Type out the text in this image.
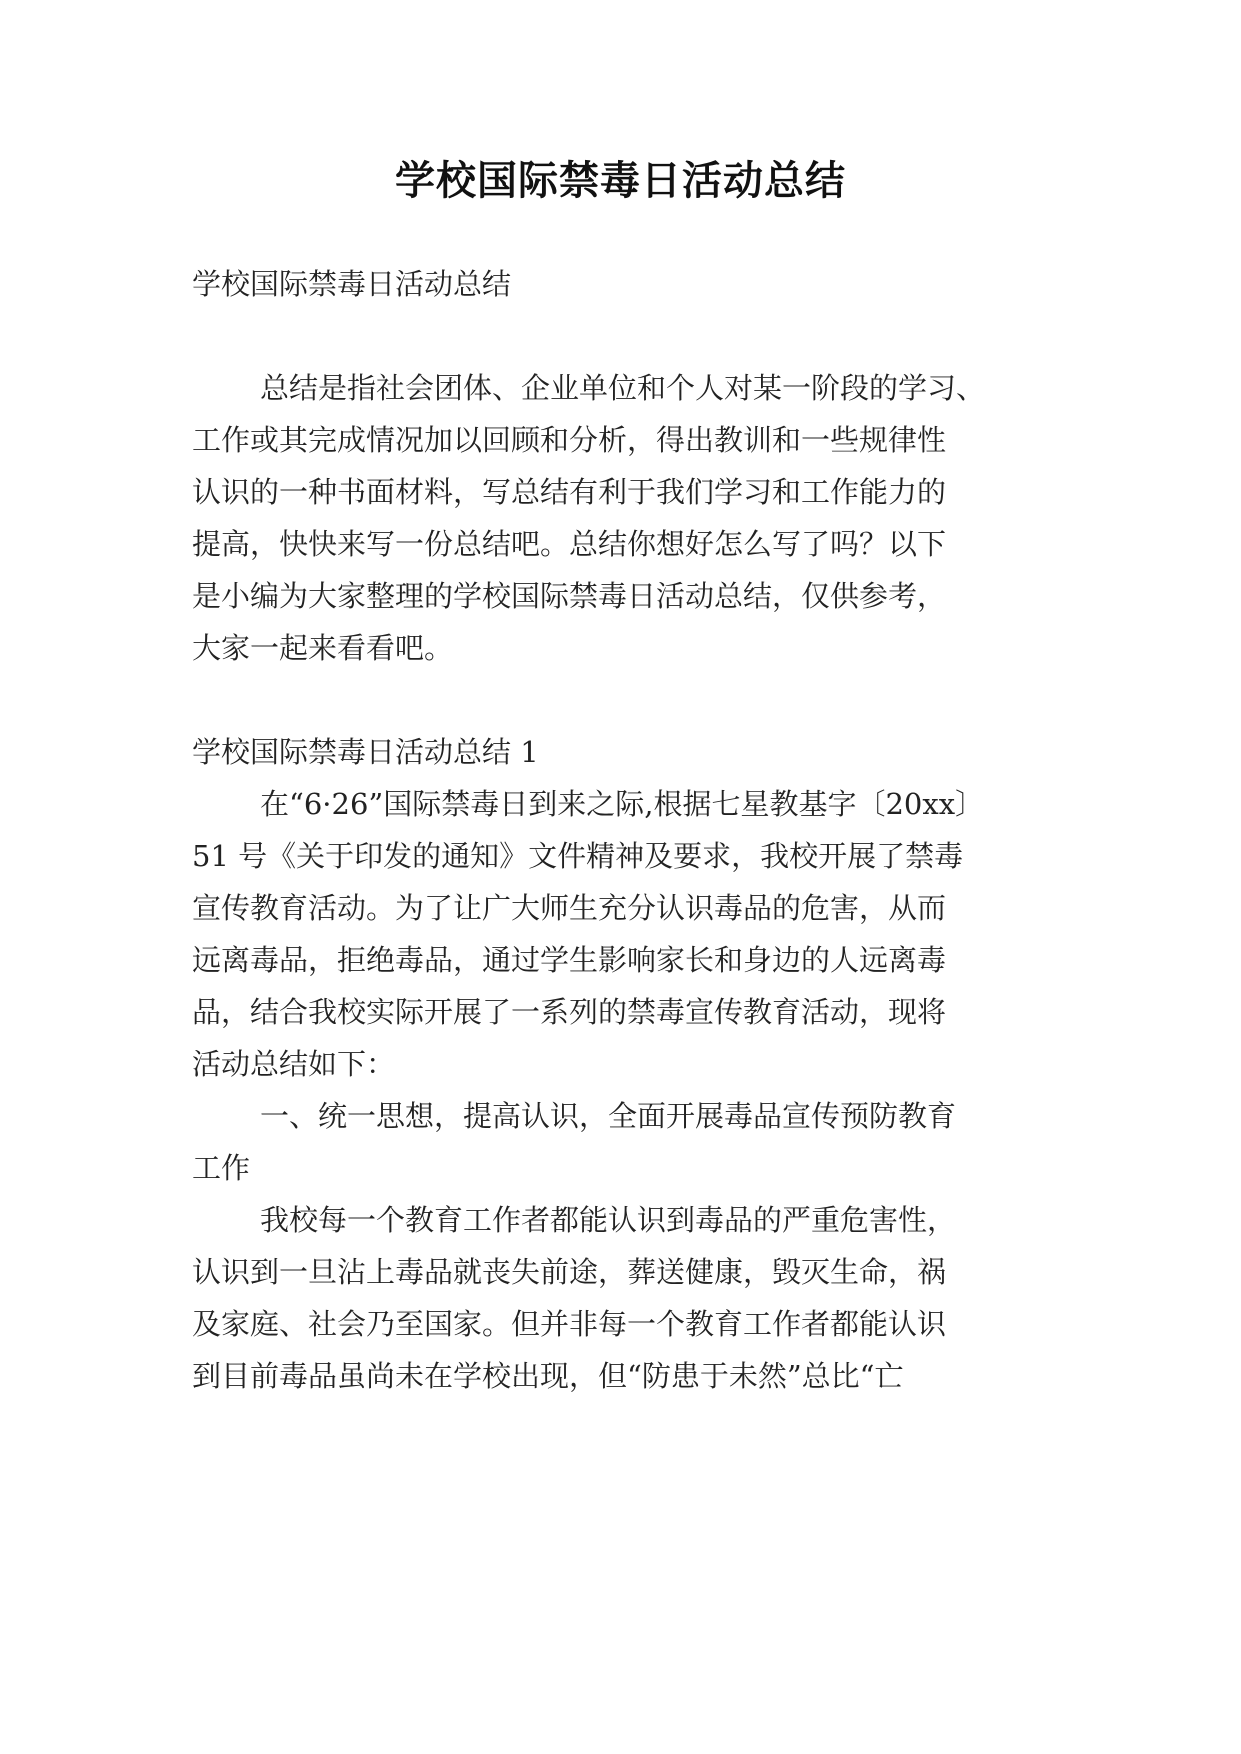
学校国际禁毒日活动总结
学校国际禁毒日活动总结
总结是指社会团体、企业单位和个人对某一阶段的学习、
工作或其完成情况加以回顾和分析，得出教训和一些规律性
认识的一种书面材料，写总结有利于我们学习和工作能力的
提高，快快来写一份总结吧。总结你想好怎么写了吗？以下
是小编为大家整理的学校国际禁毒日活动总结，仅供参考，
大家一起来看看吧。
学校国际禁毒日活动总结 1
在“6·26”国际禁毒日到来之际,根据七星教基字〔20xx〕
51 号《关于印发的通知》文件精神及要求，我校开展了禁毒
宣传教育活动。为了让广大师生充分认识毒品的危害，从而
远离毒品，拒绝毒品，通过学生影响家长和身边的人远离毒
品，结合我校实际开展了一系列的禁毒宣传教育活动，现将
活动总结如下：
一、统一思想，提高认识，全面开展毒品宣传预防教育
工作
我校每一个教育工作者都能认识到毒品的严重危害性，
认识到一旦沾上毒品就丧失前途，葬送健康，毁灭生命，祸
及家庭、社会乃至国家。但并非每一个教育工作者都能认识
到目前毒品虽尚未在学校出现，但“防患于未然”总比“亡
